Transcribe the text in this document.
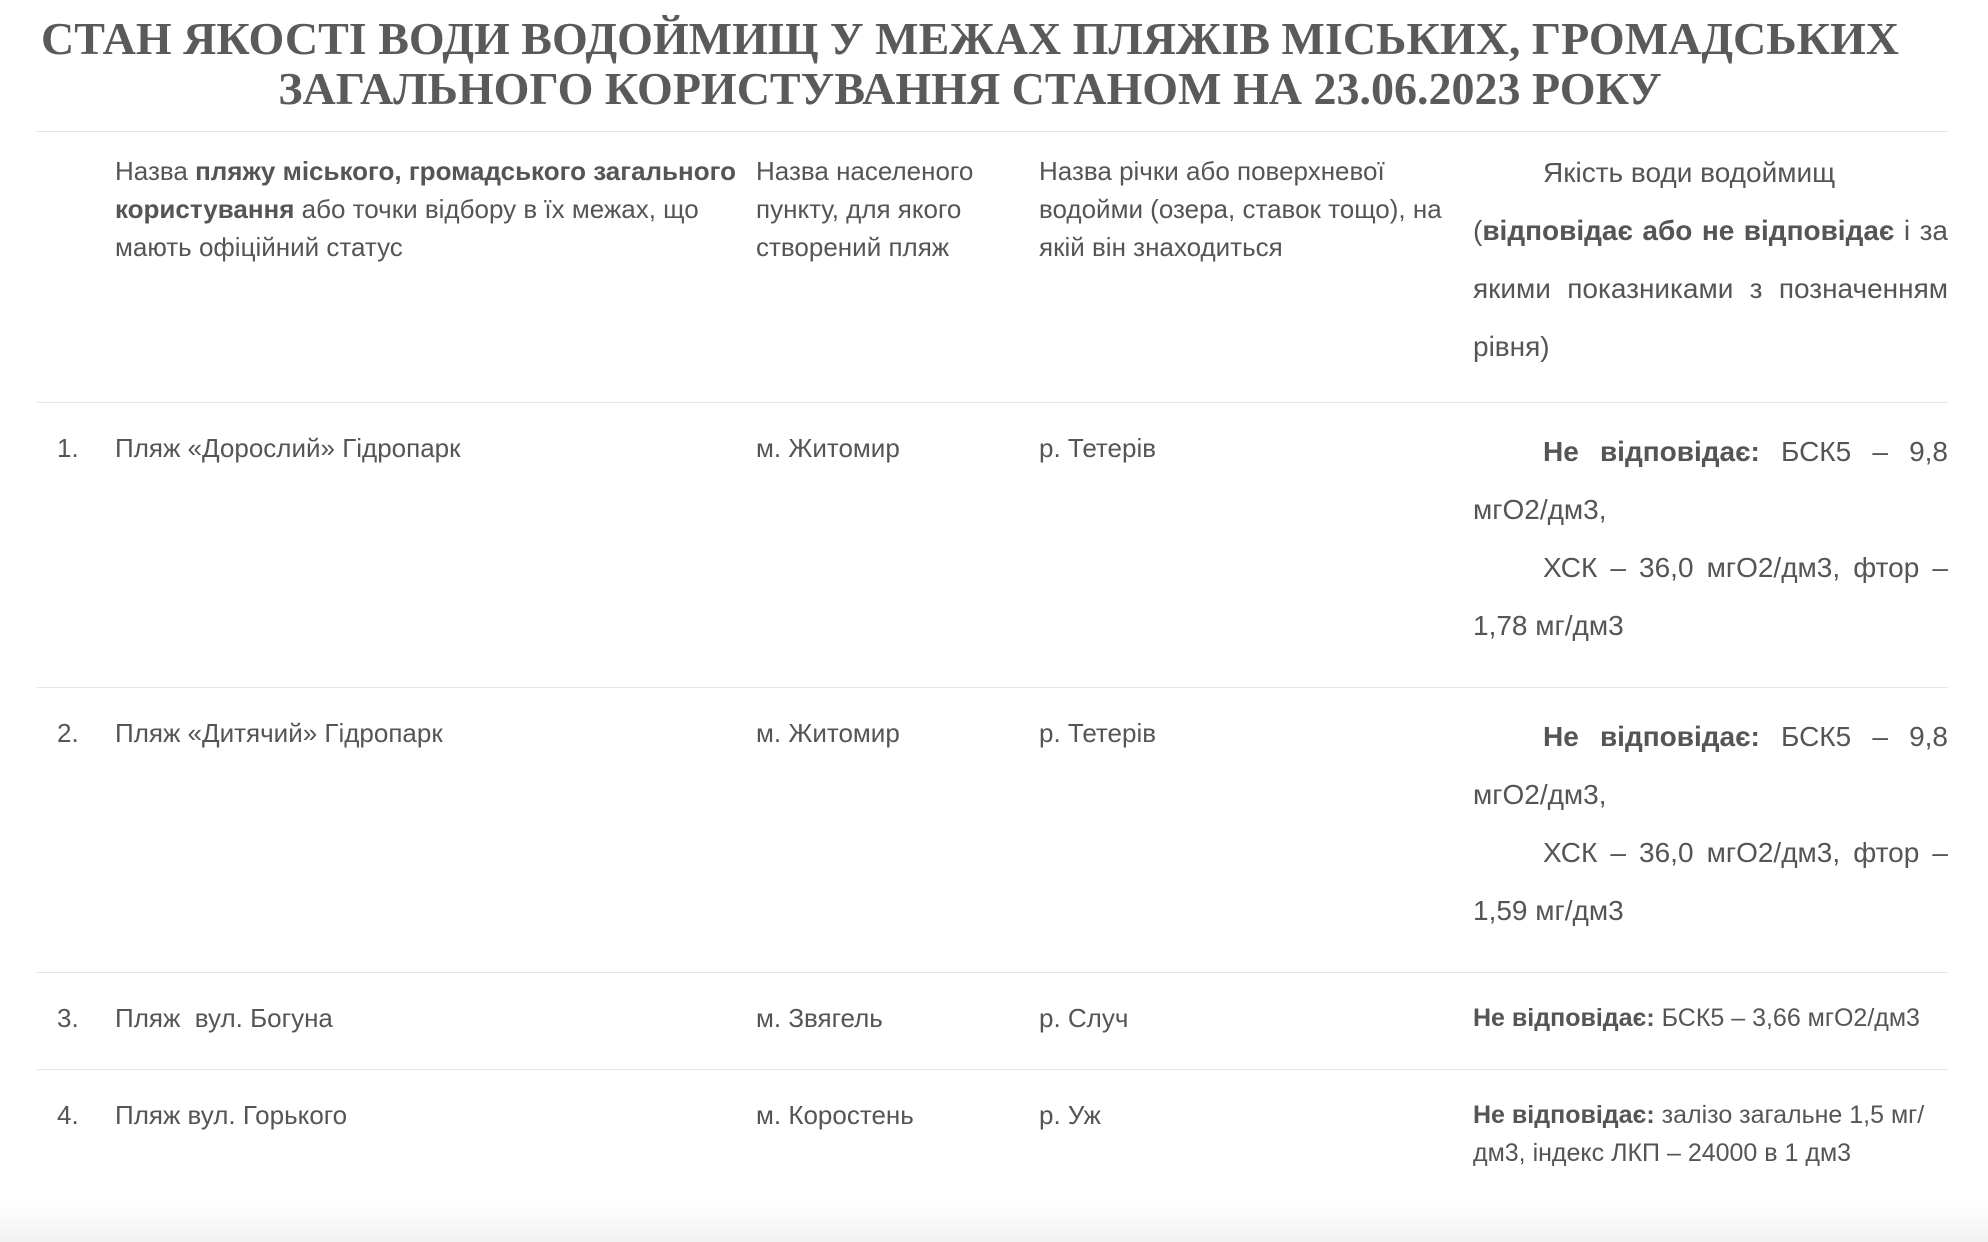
СТАН ЯКОСТІ ВОДИ ВОДОЙМИЩ У МЕЖАХ ПЛЯЖІВ МІСЬКИХ, ГРОМАДСЬКИХ
ЗАГАЛЬНОГО КОРИСТУВАННЯ СТАНОМ НА 23.06.2023 РОКУ
	Назва пляжу міського, громадського загального користування або точки відбору в їх межах, що мають офіційний статус	Назва населеного пункту, для якого створений пляж	Назва річки або поверхневої водойми (озера, ставок тощо), на якій він знаходиться	Якість води водоймищ
(відповідає або не відповідає і за якими показниками з позначенням рівня)

1.	Пляж «Дорослий» Гідропарк	м. Житомир	р. Тетерів	Не відповідає: БСК5 – 9,8 мгО2/дм3,

ХСК – 36,0 мгО2/дм3, фтор – 1,78 мг/дм3

2.	Пляж «Дитячий» Гідропарк	м. Житомир	р. Тетерів	Не відповідає: БСК5 – 9,8 мгО2/дм3,

ХСК – 36,0 мгО2/дм3, фтор – 1,59 мг/дм3

3.	Пляж  вул. Богуна	м. Звягель	р. Случ	Не відповідає: БСК5 – 3,66 мгО2/дм3

4.	Пляж вул. Горького	м. Коростень	р. Уж	Не відповідає: залізо загальне 1,5 мг/дм3, індекс ЛКП – 24000 в 1 дм3
